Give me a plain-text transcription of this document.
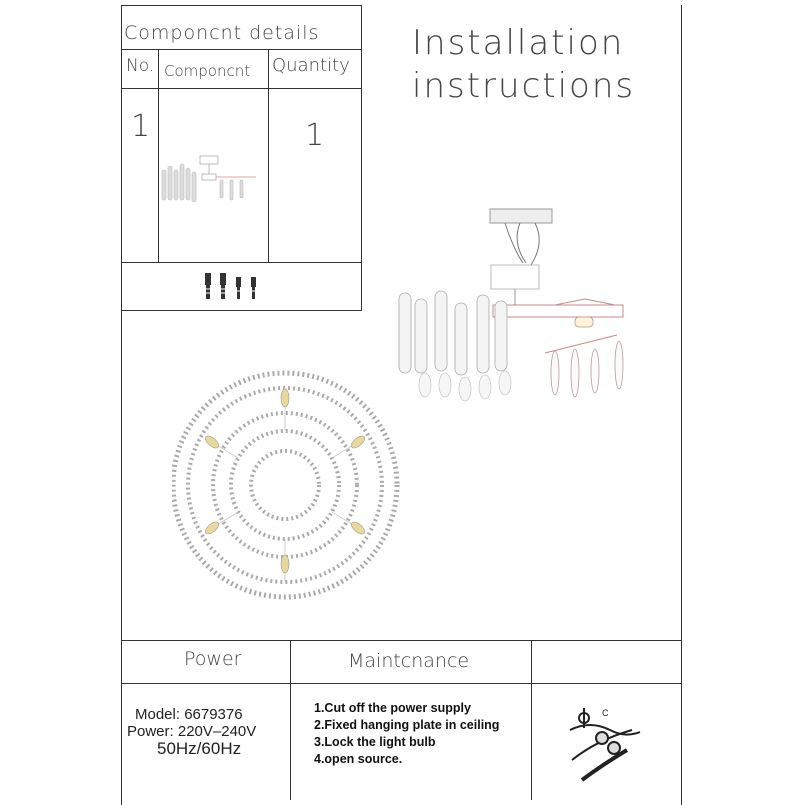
Componcnt details
No. Componcnt Quantity
1	1
Installation
instructions
Power	Maintcnance
Model: 6679376
Power: 220V–240V
50Hz/60Hz
1.Cut off the power supply
2.Fixed hanging plate in ceiling
3.Lock the light bulb
4.open source.
C
